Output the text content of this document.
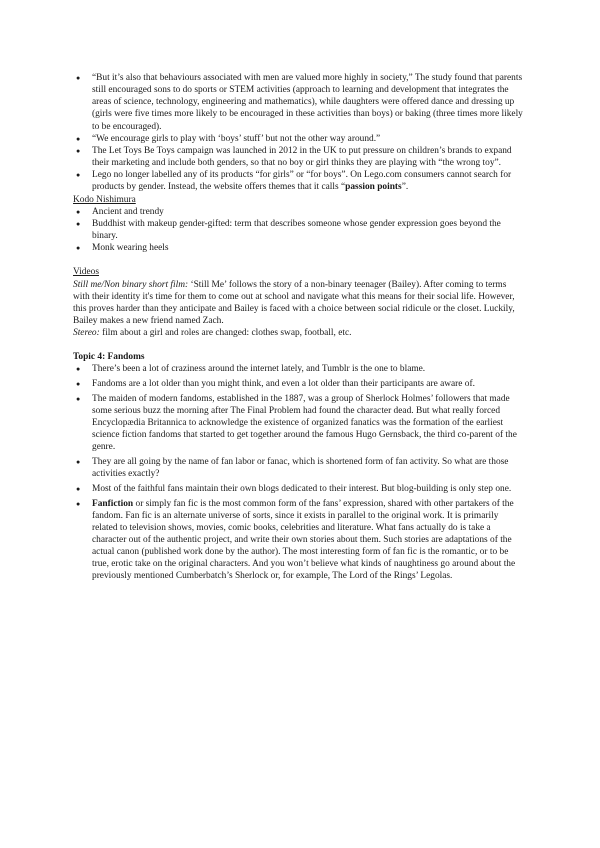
● “But it’s also that behaviours associated with men are valued more highly in society,” The study found that parents still encouraged sons to do sports or STEM activities (approach to learning and development that integrates the areas of science, technology, engineering and mathematics), while daughters were offered dance and dressing up (girls were five times more likely to be encouraged in these activities than boys) or baking (three times more likely to be encouraged).
● “We encourage girls to play with ‘boys’ stuff’ but not the other way around.”
● The Let Toys Be Toys campaign was launched in 2012 in the UK to put pressure on children’s brands to expand their marketing and include both genders, so that no boy or girl thinks they are playing with “the wrong toy”.
● Lego no longer labelled any of its products “for girls” or “for boys”. On Lego.com consumers cannot search for products by gender. Instead, the website offers themes that it calls “passion points”.

Kodo Nishimura

● Ancient and trendy
● Buddhist with makeup gender-gifted: term that describes someone whose gender expression goes beyond the binary.
● Monk wearing heels

Videos

Still me/Non binary short film: ‘Still Me’ follows the story of a non-binary teenager (Bailey). After coming to terms with their identity it's time for them to come out at school and navigate what this means for their social life. However, this proves harder than they anticipate and Bailey is faced with a choice between social ridicule or the closet. Luckily, Bailey makes a new friend named Zach.

Stereo: film about a girl and roles are changed: clothes swap, football, etc.

Topic 4: Fandoms

● There’s been a lot of craziness around the internet lately, and Tumblr is the one to blame.
● Fandoms are a lot older than you might think, and even a lot older than their participants are aware of.
● The maiden of modern fandoms, established in the 1887, was a group of Sherlock Holmes’ followers that made some serious buzz the morning after The Final Problem had found the character dead. But what really forced Encyclopædia Britannica to acknowledge the existence of organized fanatics was the formation of the earliest science fiction fandoms that started to get together around the famous Hugo Gernsback, the third co-parent of the genre.
● They are all going by the name of fan labor or fanac, which is shortened form of fan activity. So what are those activities exactly?
● Most of the faithful fans maintain their own blogs dedicated to their interest. But blog-building is only step one.
● Fanfiction or simply fan fic is the most common form of the fans’ expression, shared with other partakers of the fandom. Fan fic is an alternate universe of sorts, since it exists in parallel to the original work. It is primarily related to television shows, movies, comic books, celebrities and literature. What fans actually do is take a character out of the authentic project, and write their own stories about them. Such stories are adaptations of the actual canon (published work done by the author). The most interesting form of fan fic is the romantic, or to be true, erotic take on the original characters. And you won’t believe what kinds of naughtiness go around about the previously mentioned Cumberbatch’s Sherlock or, for example, The Lord of the Rings’ Legolas.
